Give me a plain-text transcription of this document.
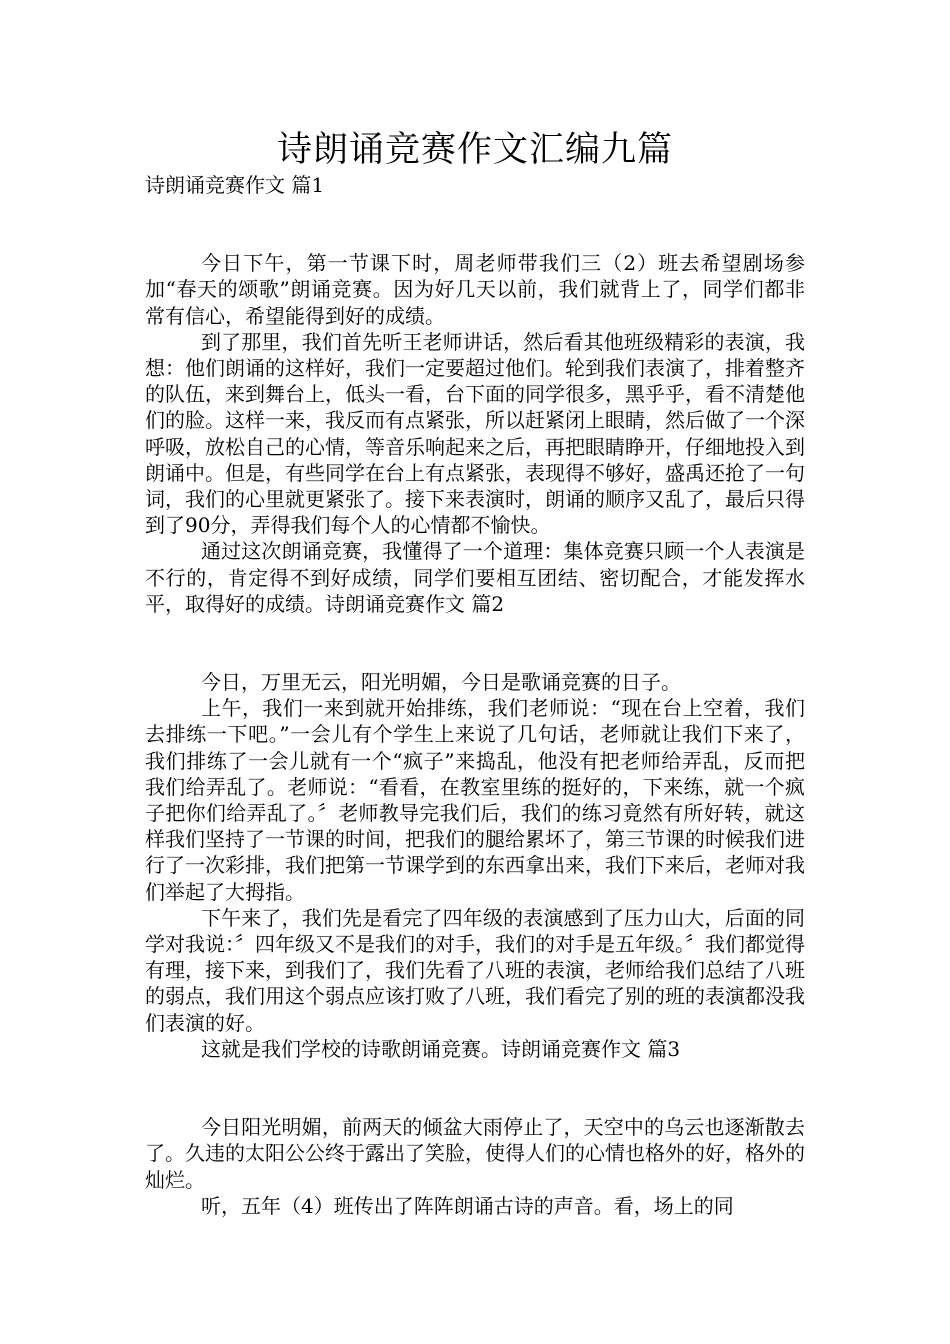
诗朗诵竞赛作文汇编九篇

诗朗诵竞赛作文 篇1

今日下午，第一节课下时，周老师带我们三（2）班去希望剧场参加“春天的颂歌”朗诵竞赛。因为好几天以前，我们就背上了，同学们都非常有信心，希望能得到好的成绩。

到了那里，我们首先听王老师讲话，然后看其他班级精彩的表演，我想：他们朗诵的这样好，我们一定要超过他们。轮到我们表演了，排着整齐的队伍，来到舞台上，低头一看，台下面的同学很多，黑乎乎，看不清楚他们的脸。这样一来，我反而有点紧张，所以赶紧闭上眼睛，然后做了一个深呼吸，放松自己的心情，等音乐响起来之后，再把眼睛睁开，仔细地投入到朗诵中。但是，有些同学在台上有点紧张，表现得不够好，盛禹还抢了一句词，我们的心里就更紧张了。接下来表演时，朗诵的顺序又乱了，最后只得到了90分，弄得我们每个人的心情都不愉快。

通过这次朗诵竞赛，我懂得了一个道理：集体竞赛只顾一个人表演是不行的，肯定得不到好成绩，同学们要相互团结、密切配合，才能发挥水平，取得好的成绩。诗朗诵竞赛作文 篇2

今日，万里无云，阳光明媚，今日是歌诵竞赛的日子。

上午，我们一来到就开始排练，我们老师说：“现在台上空着，我们去排练一下吧。”一会儿有个学生上来说了几句话，老师就让我们下来了，我们排练了一会儿就有一个“疯子”来捣乱，他没有把老师给弄乱，反而把我们给弄乱了。老师说：“看看，在教室里练的挺好的，下来练，就一个疯子把你们给弄乱了。〞老师教导完我们后，我们的练习竟然有所好转，就这样我们坚持了一节课的时间，把我们的腿给累坏了，第三节课的时候我们进行了一次彩排，我们把第一节课学到的东西拿出来，我们下来后，老师对我们举起了大拇指。

下午来了，我们先是看完了四年级的表演感到了压力山大，后面的同学对我说：〞四年级又不是我们的对手，我们的对手是五年级。〞我们都觉得有理，接下来，到我们了，我们先看了八班的表演，老师给我们总结了八班的弱点，我们用这个弱点应该打败了八班，我们看完了别的班的表演都没我们表演的好。

这就是我们学校的诗歌朗诵竞赛。诗朗诵竞赛作文 篇3

今日阳光明媚，前两天的倾盆大雨停止了，天空中的乌云也逐渐散去了。久违的太阳公公终于露出了笑脸，使得人们的心情也格外的好，格外的灿烂。

听，五年（4）班传出了阵阵朗诵古诗的声音。看，场上的同
